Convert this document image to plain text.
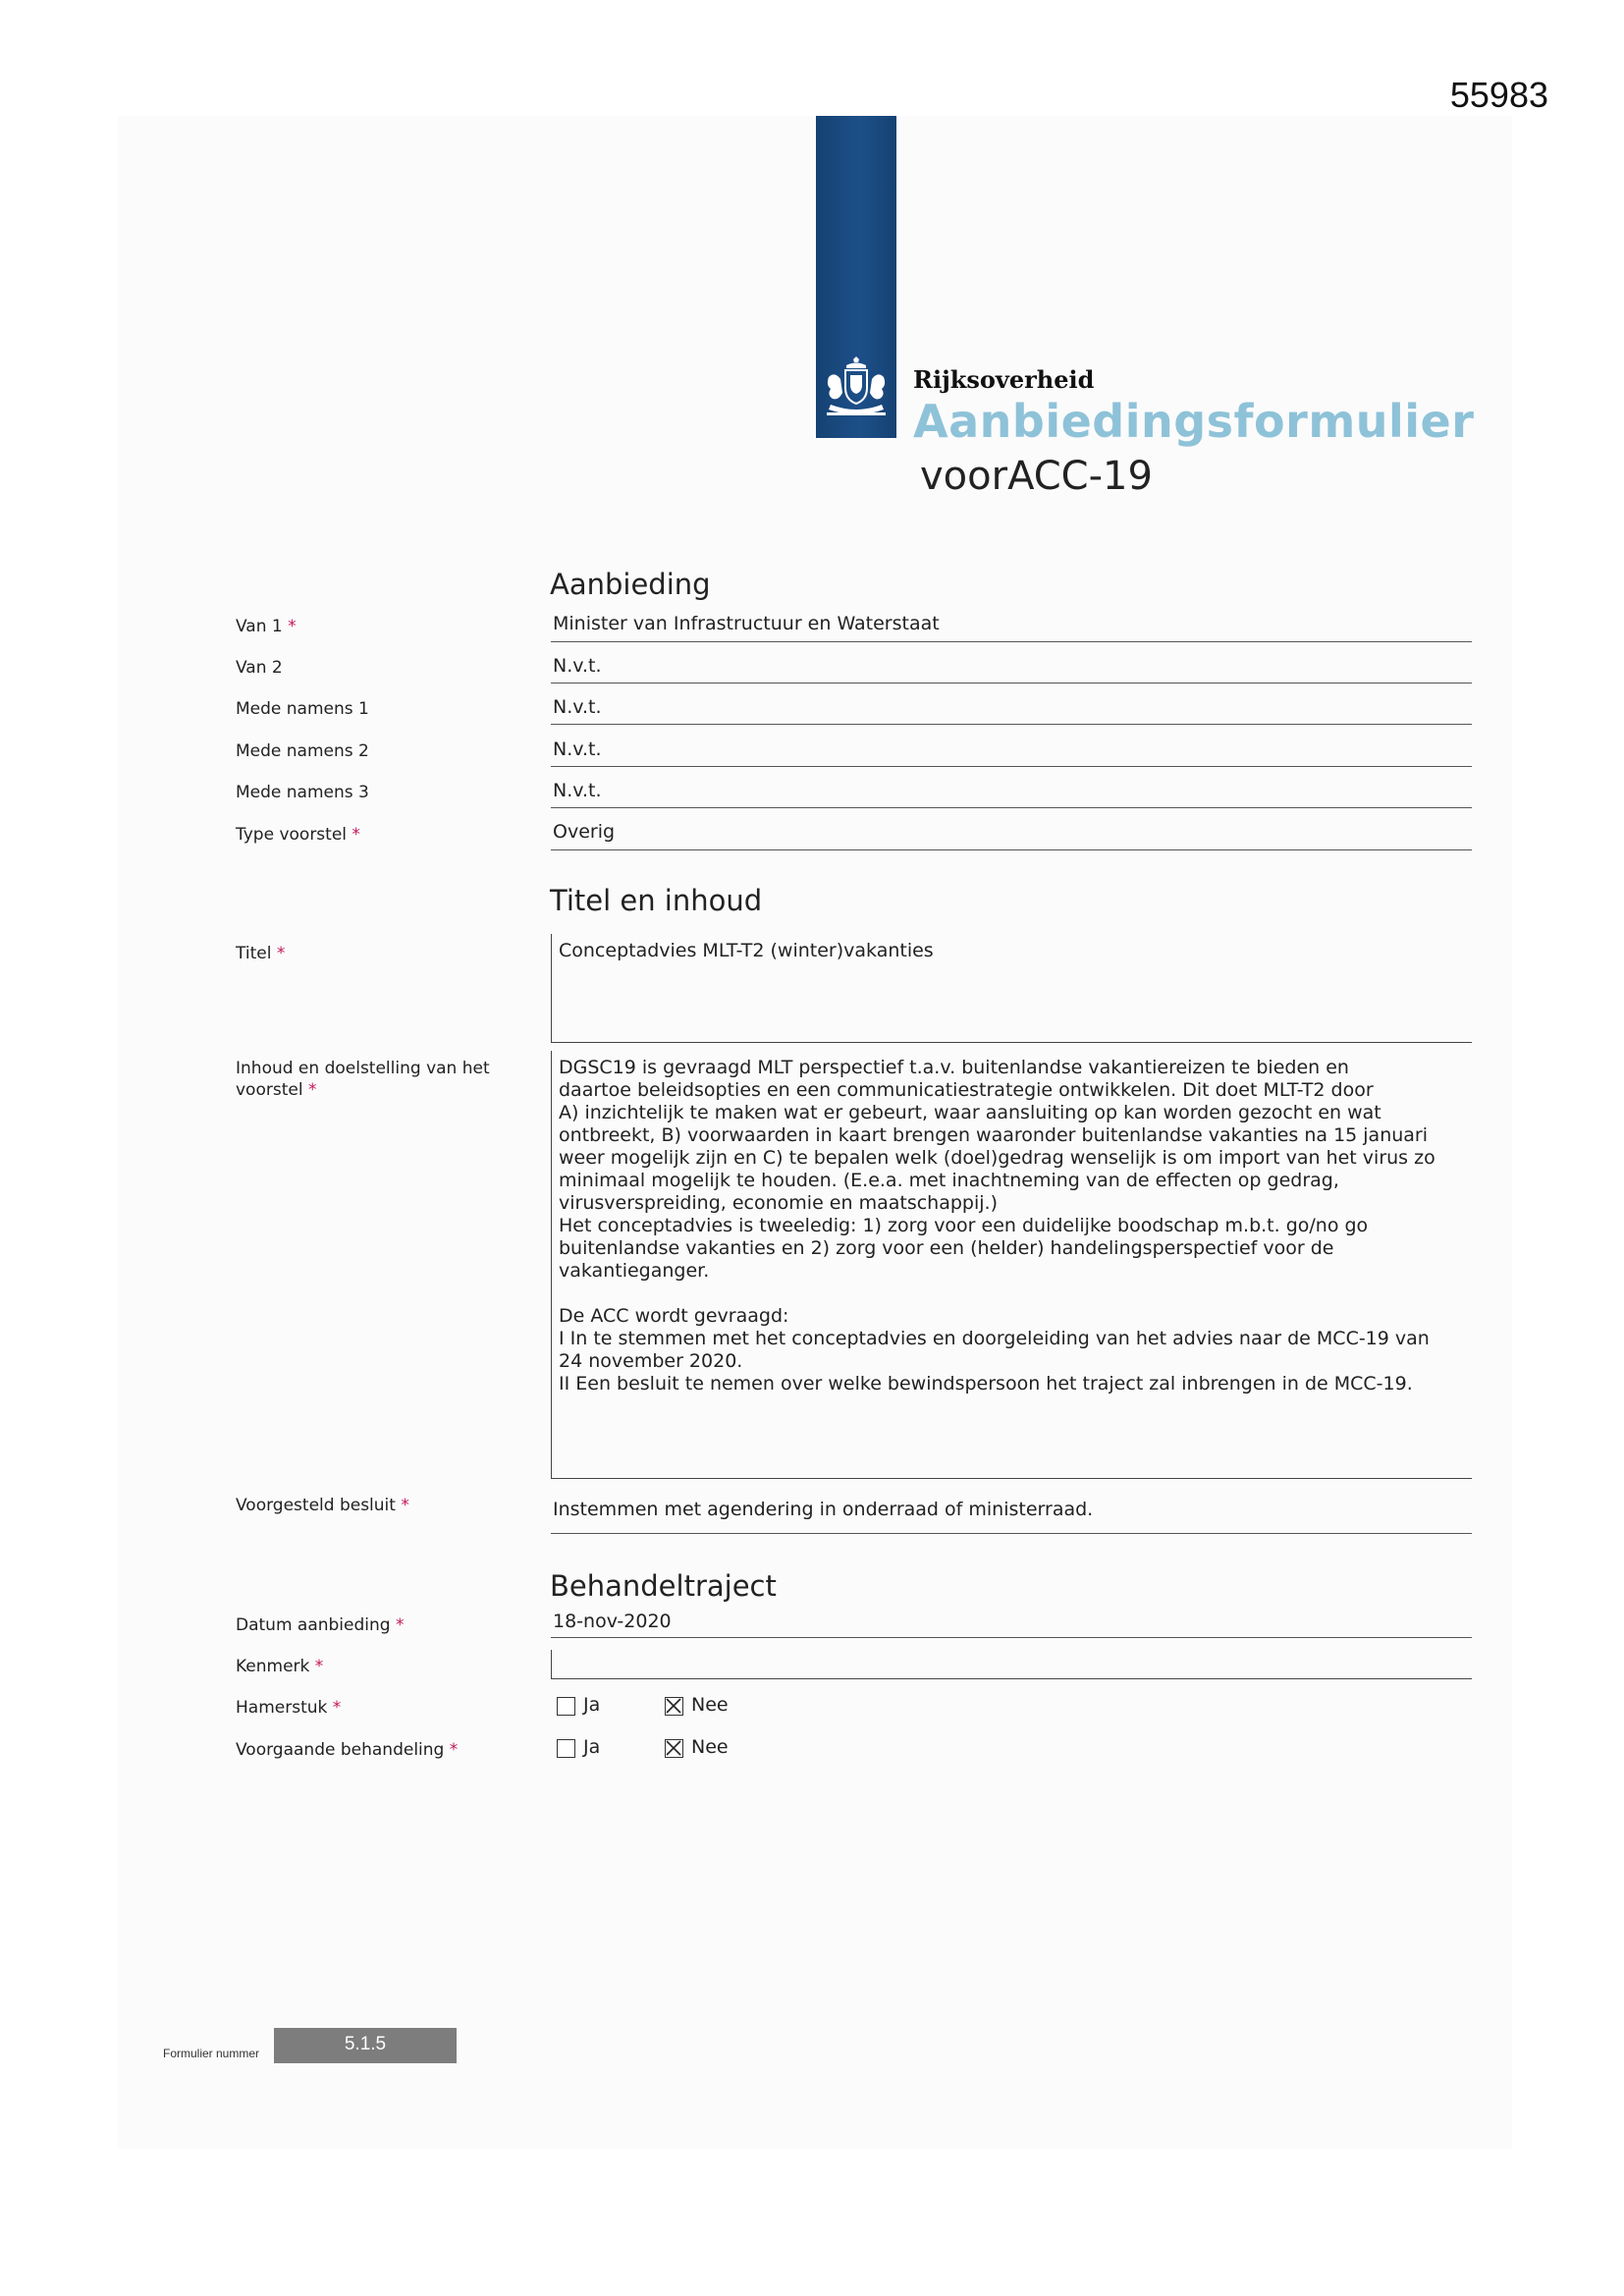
55983
Rijksoverheid
Aanbiedingsformulier
voorACC-19
Aanbieding
Van 1 *	Minister van Infrastructuur en Waterstaat
Van 2	N.v.t.
Mede namens 1	N.v.t.
Mede namens 2	N.v.t.
Mede namens 3	N.v.t.
Type voorstel *	Overig
Titel en inhoud
Titel *	Conceptadvies MLT-T2 (winter)vakanties
Inhoud en doelstelling van het voorstel *

DGSC19 is gevraagd MLT perspectief t.a.v. buitenlandse vakantiereizen te bieden en
daartoe beleidsopties en een communicatiestrategie ontwikkelen. Dit doet MLT-T2 door
A) inzichtelijk te maken wat er gebeurt, waar aansluiting op kan worden gezocht en wat
ontbreekt, B) voorwaarden in kaart brengen waaronder buitenlandse vakanties na 15 januari
weer mogelijk zijn en C) te bepalen welk (doel)gedrag wenselijk is om import van het virus zo
minimaal mogelijk te houden. (E.e.a. met inachtneming van de effecten op gedrag,
virusverspreiding, economie en maatschappij.)
Het conceptadvies is tweeledig: 1) zorg voor een duidelijke boodschap m.b.t. go/no go
buitenlandse vakanties en 2) zorg voor een (helder) handelingsperspectief voor de
vakantieganger.

De ACC wordt gevraagd:
I In te stemmen met het conceptadvies en doorgeleiding van het advies naar de MCC-19 van
24 november 2020.
II Een besluit te nemen over welke bewindspersoon het traject zal inbrengen in de MCC-19.

Voorgesteld besluit *	Instemmen met agendering in onderraad of ministerraad.
Behandeltraject
Datum aanbieding *	18-nov-2020
Kenmerk *
Hamerstuk *	Ja	Nee
Voorgaande behandeling *	Ja	Nee
Formulier nummer	5.1.5
